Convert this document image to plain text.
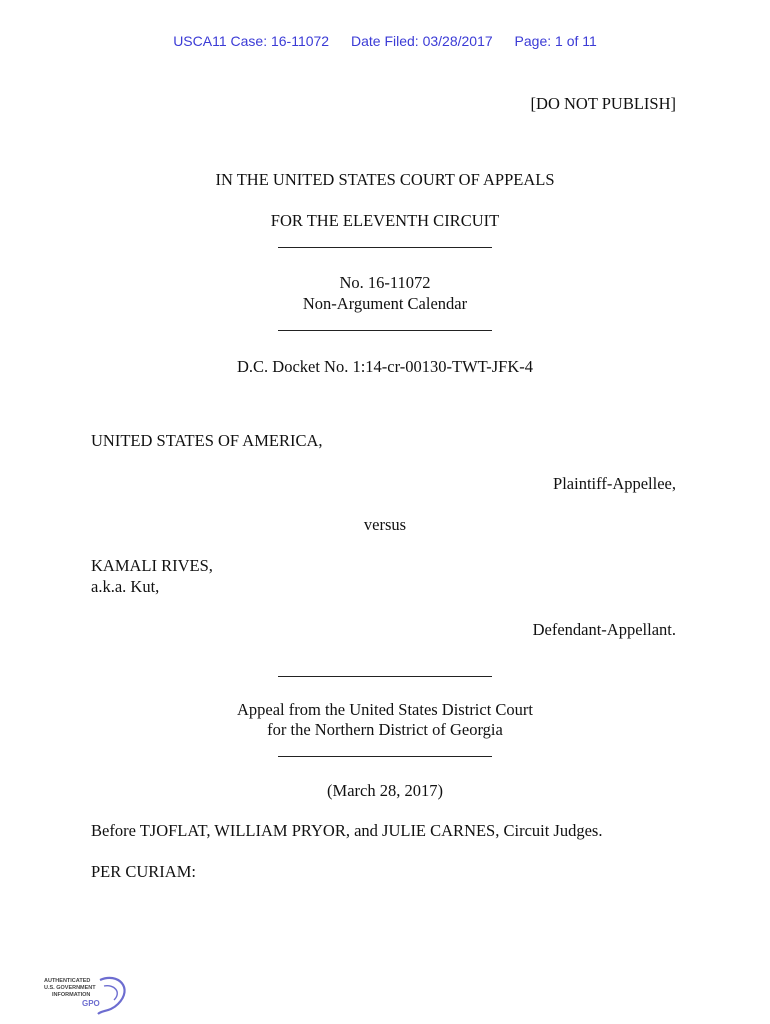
USCA11 Case: 16-11072 Date Filed: 03/28/2017 Page: 1 of 11
[DO NOT PUBLISH]
IN THE UNITED STATES COURT OF APPEALS
FOR THE ELEVENTH CIRCUIT
No. 16-11072
Non-Argument Calendar
D.C. Docket No. 1:14-cr-00130-TWT-JFK-4
UNITED STATES OF AMERICA,
Plaintiff-Appellee,
versus
KAMALI RIVES,
a.k.a. Kut,
Defendant-Appellant.
Appeal from the United States District Court
for the Northern District of Georgia
(March 28, 2017)
Before TJOFLAT, WILLIAM PRYOR, and JULIE CARNES, Circuit Judges.
PER CURIAM:
AUTHENTICATED
U.S. GOVERNMENT
INFORMATION
GPO
